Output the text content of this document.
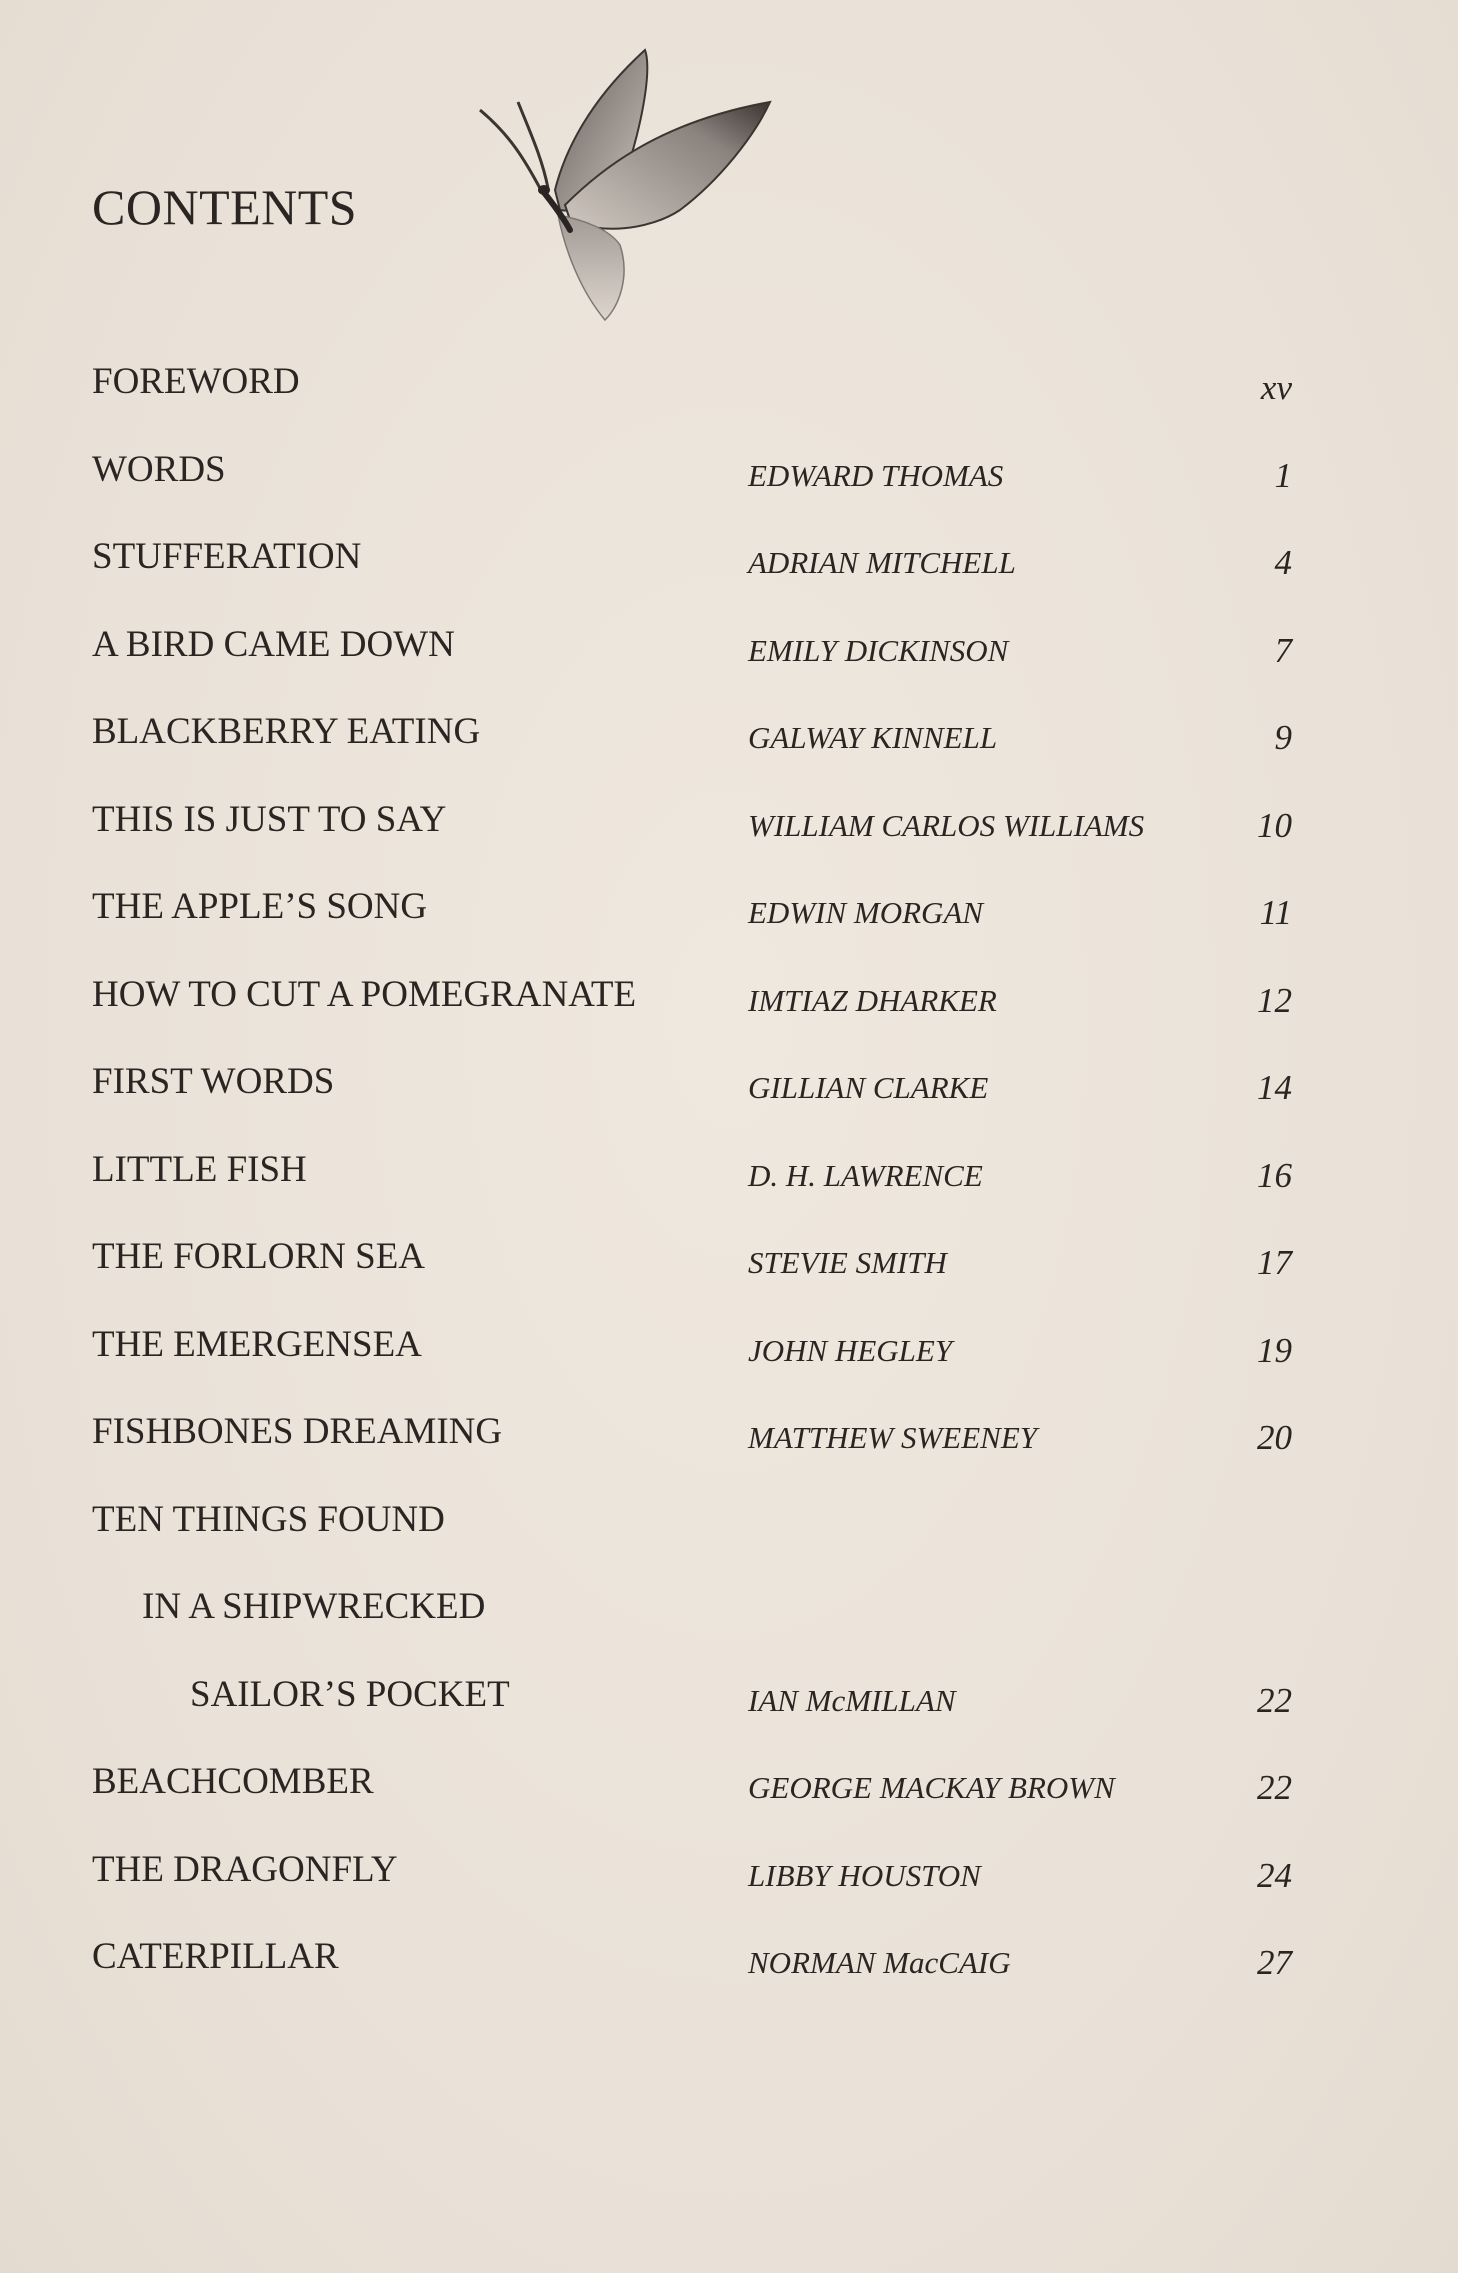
CONTENTS
FOREWORD	xv
WORDS	EDWARD THOMAS	1
STUFFERATION	ADRIAN MITCHELL	4
A BIRD CAME DOWN	EMILY DICKINSON	7
BLACKBERRY EATING	GALWAY KINNELL	9
THIS IS JUST TO SAY	WILLIAM CARLOS WILLIAMS	10
THE APPLE’S SONG	EDWIN MORGAN	11
HOW TO CUT A POMEGRANATE	IMTIAZ DHARKER	12
FIRST WORDS	GILLIAN CLARKE	14
LITTLE FISH	D. H. LAWRENCE	16
THE FORLORN SEA	STEVIE SMITH	17
THE EMERGENSEA	JOHN HEGLEY	19
FISHBONES DREAMING	MATTHEW SWEENEY	20
TEN THINGS FOUND
IN A SHIPWRECKED
SAILOR’S POCKET	IAN McMILLAN	22
BEACHCOMBER	GEORGE MACKAY BROWN	22
THE DRAGONFLY	LIBBY HOUSTON	24
CATERPILLAR	NORMAN MacCAIG	27
